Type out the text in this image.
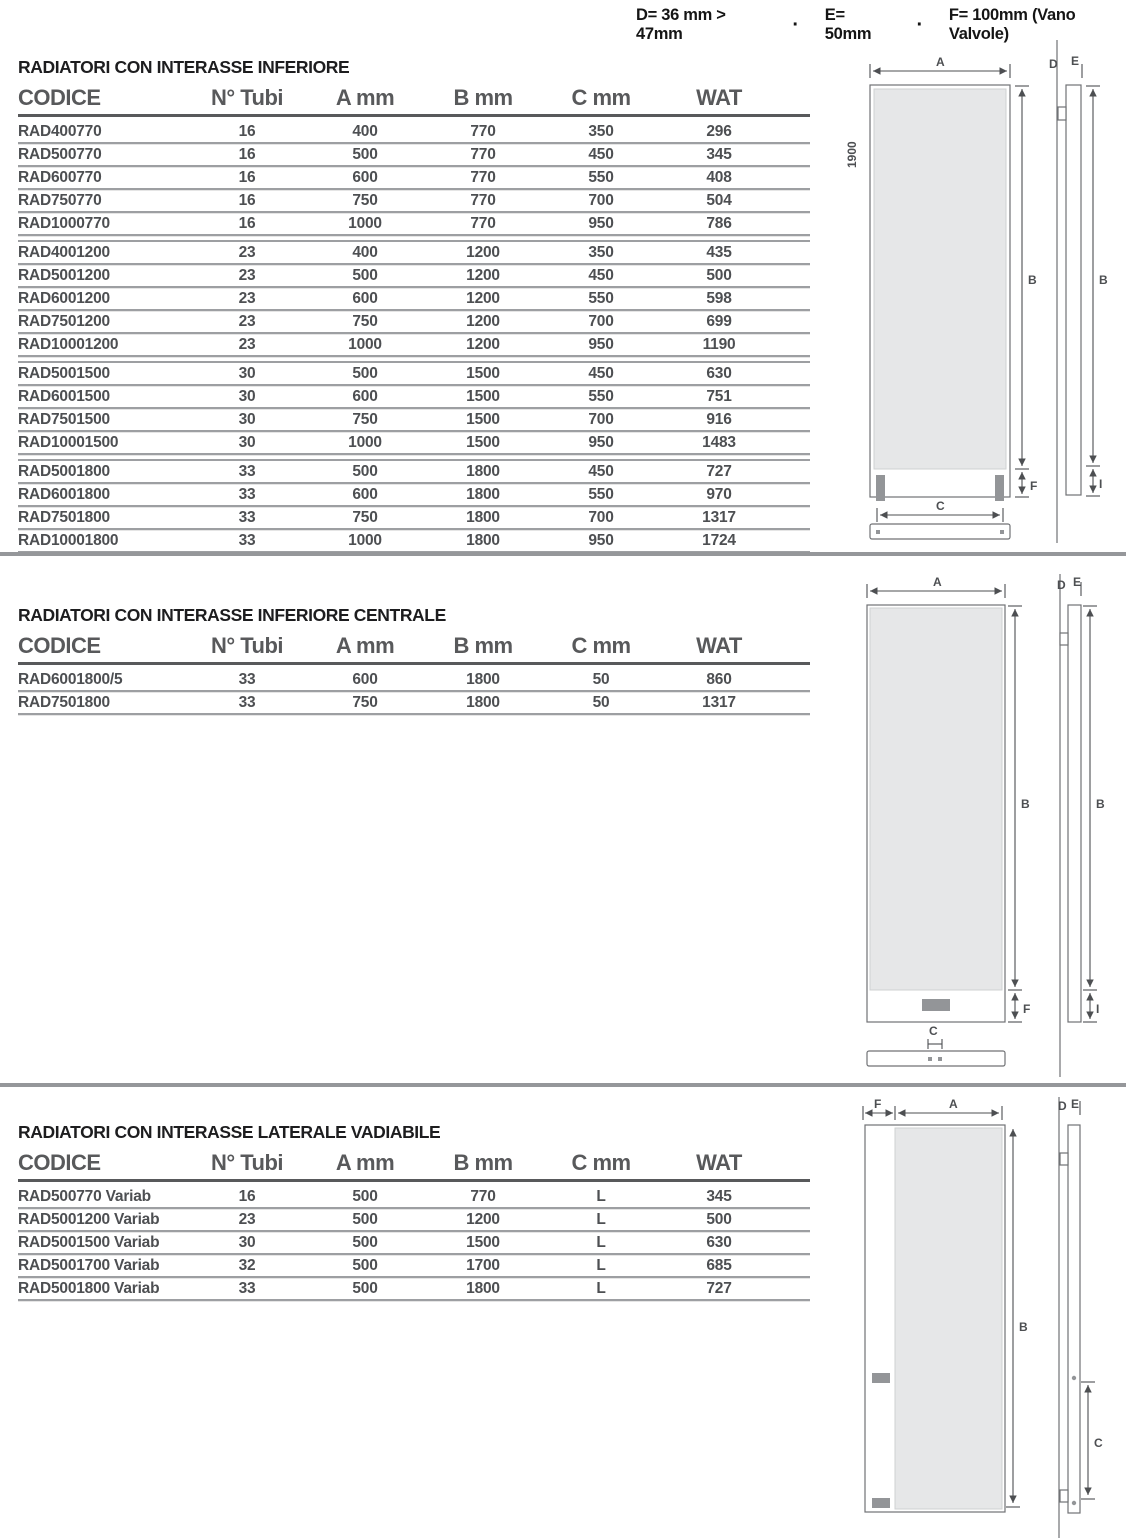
D= 36 mm > 47mm	· E= 50mm	· F= 100mm (Vano Valvole)
RADIATORI CON INTERASSE INFERIORE
CODICE	N° Tubi	A mm	B mm	C mm	WAT
RAD400770	16	400	770	350	296
RAD500770	16	500	770	450	345
RAD600770	16	600	770	550	408
RAD750770	16	750	770	700	504
RAD1000770	16	1000	770	950	786
RAD4001200	23	400	1200	350	435
RAD5001200	23	500	1200	450	500
RAD6001200	23	600	1200	550	598
RAD7501200	23	750	1200	700	699
RAD10001200	23	1000	1200	950	1190
RAD5001500	30	500	1500	450	630
RAD6001500	30	600	1500	550	751
RAD7501500	30	750	1500	700	916
RAD10001500	30	1000	1500	950	1483
RAD5001800	33	500	1800	450	727
RAD6001800	33	600	1800	550	970
RAD7501800	33	750	1800	700	1317
RAD10001800	33	1000	1800	950	1724
A
1900
B
F
C
D E
B
I
RADIATORI CON INTERASSE INFERIORE CENTRALE
CODICE	N° Tubi	A mm	B mm	C mm	WAT
RAD6001800/5	33	600	1800	50	860
RAD7501800	33	750	1800	50	1317
A
B
F
C
D E
B
I
RADIATORI CON INTERASSE LATERALE VADIABILE
CODICE	N° Tubi	A mm	B mm	C mm	WAT
RAD500770 Variab	16	500	770	L	345
RAD5001200 Variab	23	500	1200	L	500
RAD5001500 Variab	30	500	1500	L	630
RAD5001700 Variab	32	500	1700	L	685
RAD5001800 Variab	33	500	1800	L	727
F	A
B
D E
C
